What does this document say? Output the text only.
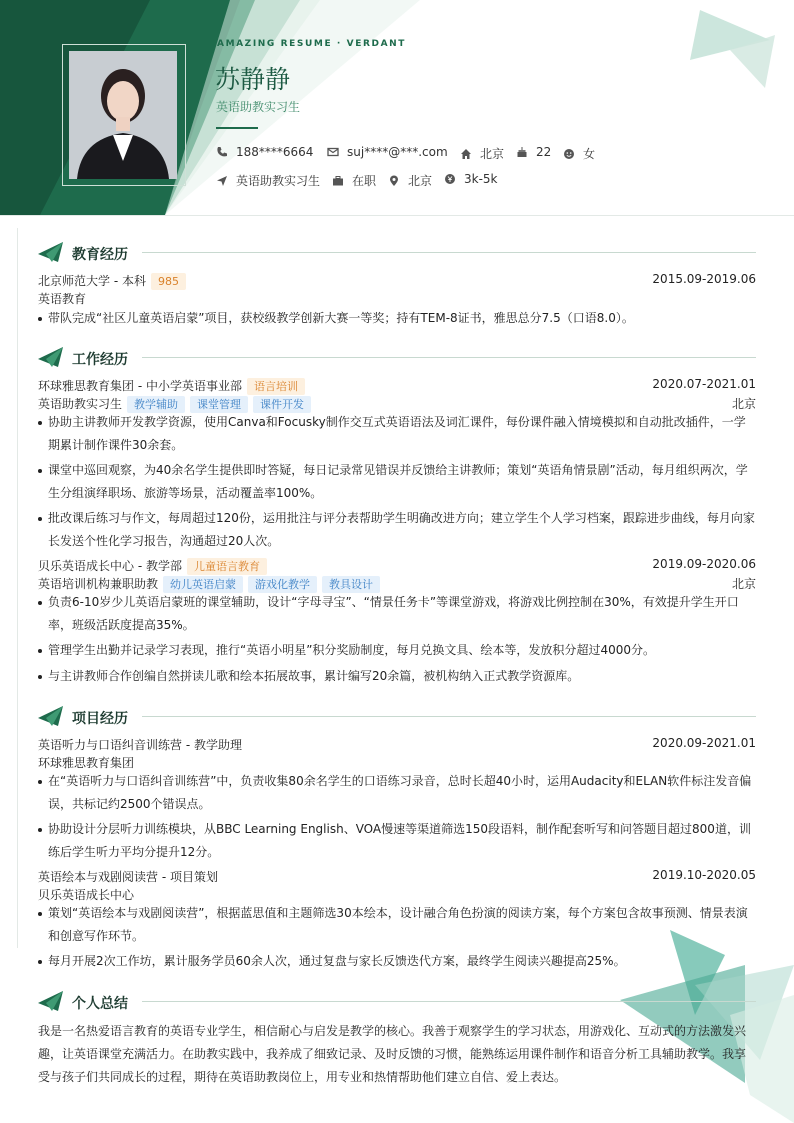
AMAZING RESUME · VERDANT
苏静静
英语助教实习生
188****6664	suj****@***.com	北京	22	女
英语助教实习生	在职	北京	3k-5k
教育经历
北京师范大学 - 本科 985	2015.09-2019.06
英语教育
带队完成“社区儿童英语启蒙”项目，获校级教学创新大赛一等奖；持有TEM-8证书，雅思总分7.5（口语8.0）。
工作经历
环球雅思教育集团 - 中小学英语事业部 语言培训	2020.07-2021.01
英语助教实习生 教学辅助 课堂管理 课件开发	北京
协助主讲教师开发教学资源，使用Canva和Focusky制作交互式英语语法及词汇课件，每份课件融入情境模拟和自动批改插件，一学期累计制作课件30余套。
课堂中巡回观察，为40余名学生提供即时答疑，每日记录常见错误并反馈给主讲教师；策划“英语角情景剧”活动，每月组织两次，学生分组演绎职场、旅游等场景，活动覆盖率100%。
批改课后练习与作文，每周超过120份，运用批注与评分表帮助学生明确改进方向；建立学生个人学习档案，跟踪进步曲线，每月向家长发送个性化学习报告，沟通超过20人次。
贝乐英语成长中心 - 教学部 儿童语言教育	2019.09-2020.06
英语培训机构兼职助教 幼儿英语启蒙 游戏化教学 教具设计	北京
负责6-10岁少儿英语启蒙班的课堂辅助，设计“字母寻宝”、“情景任务卡”等课堂游戏，将游戏比例控制在30%，有效提升学生开口率，班级活跃度提高35%。
管理学生出勤并记录学习表现，推行“英语小明星”积分奖励制度，每月兑换文具、绘本等，发放积分超过4000分。
与主讲教师合作创编自然拼读儿歌和绘本拓展故事，累计编写20余篇，被机构纳入正式教学资源库。
项目经历
英语听力与口语纠音训练营 - 教学助理	2020.09-2021.01
环球雅思教育集团
在“英语听力与口语纠音训练营”中，负责收集80余名学生的口语练习录音，总时长超40小时，运用Audacity和ELAN软件标注发音偏误，共标记约2500个错误点。
协助设计分层听力训练模块，从BBC Learning English、VOA慢速等渠道筛选150段语料，制作配套听写和问答题目超过800道，训练后学生听力平均分提升12分。
英语绘本与戏剧阅读营 - 项目策划	2019.10-2020.05
贝乐英语成长中心
策划“英语绘本与戏剧阅读营”，根据蓝思值和主题筛选30本绘本，设计融合角色扮演的阅读方案，每个方案包含故事预测、情景表演和创意写作环节。
每月开展2次工作坊，累计服务学员60余人次，通过复盘与家长反馈迭代方案，最终学生阅读兴趣提高25%。
个人总结
我是一名热爱语言教育的英语专业学生，相信耐心与启发是教学的核心。我善于观察学生的学习状态，用游戏化、互动式的方法激发兴趣，让英语课堂充满活力。在助教实践中，我养成了细致记录、及时反馈的习惯，能熟练运用课件制作和语音分析工具辅助教学。我享受与孩子们共同成长的过程，期待在英语助教岗位上，用专业和热情帮助他们建立自信、爱上表达。
